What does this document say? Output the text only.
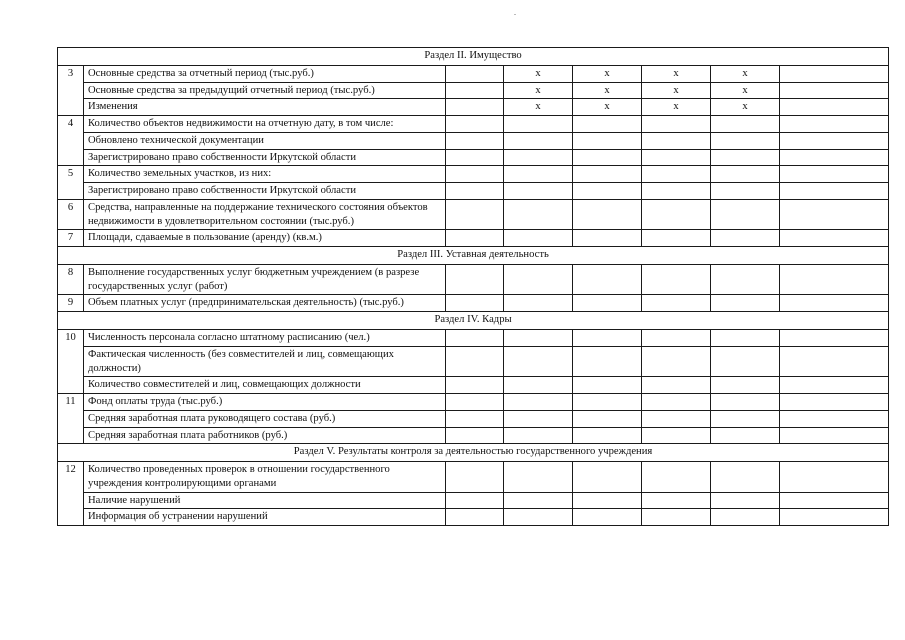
Раздел II. Имущество							
3	Основные средства за отчетный период (тыс.руб.)		x	x	x	x	
	Основные средства за предыдущий отчетный период (тыс.руб.)		x	x	x	x	
	Изменения		x	x	x	x	
4	Количество объектов недвижимости на отчетную дату, в том числе:						
	Обновлено технической документации						
	Зарегистрировано право собственности Иркутской области						
5	Количество земельных участков, из них:						
	Зарегистрировано право собственности Иркутской области						
6	Средства, направленные на поддержание технического состояния объектов недвижимости в удовлетворительном состоянии (тыс.руб.)						
7	Площади, сдаваемые в пользование (аренду) (кв.м.)						
Раздел III. Уставная деятельность							
8	Выполнение государственных услуг бюджетным учреждением (в разрезе государственных услуг (работ)						
9	Объем платных услуг (предпринимательская деятельность) (тыс.руб.)						
Раздел IV. Кадры							
10	Численность персонала согласно штатному расписанию (чел.)						
	Фактическая численность (без совместителей и лиц, совмещающих должности)						
	Количество совместителей и лиц, совмещающих должности						
11	Фонд оплаты труда (тыс.руб.)						
	Средняя заработная плата руководящего состава (руб.)						
	Средняя заработная плата работников (руб.)						
Раздел V. Результаты контроля за деятельностью государственного учреждения							
12	Количество проведенных проверок в отношении государственного учреждения контролирующими органами						
	Наличие нарушений						
	Информация об устранении нарушений						
